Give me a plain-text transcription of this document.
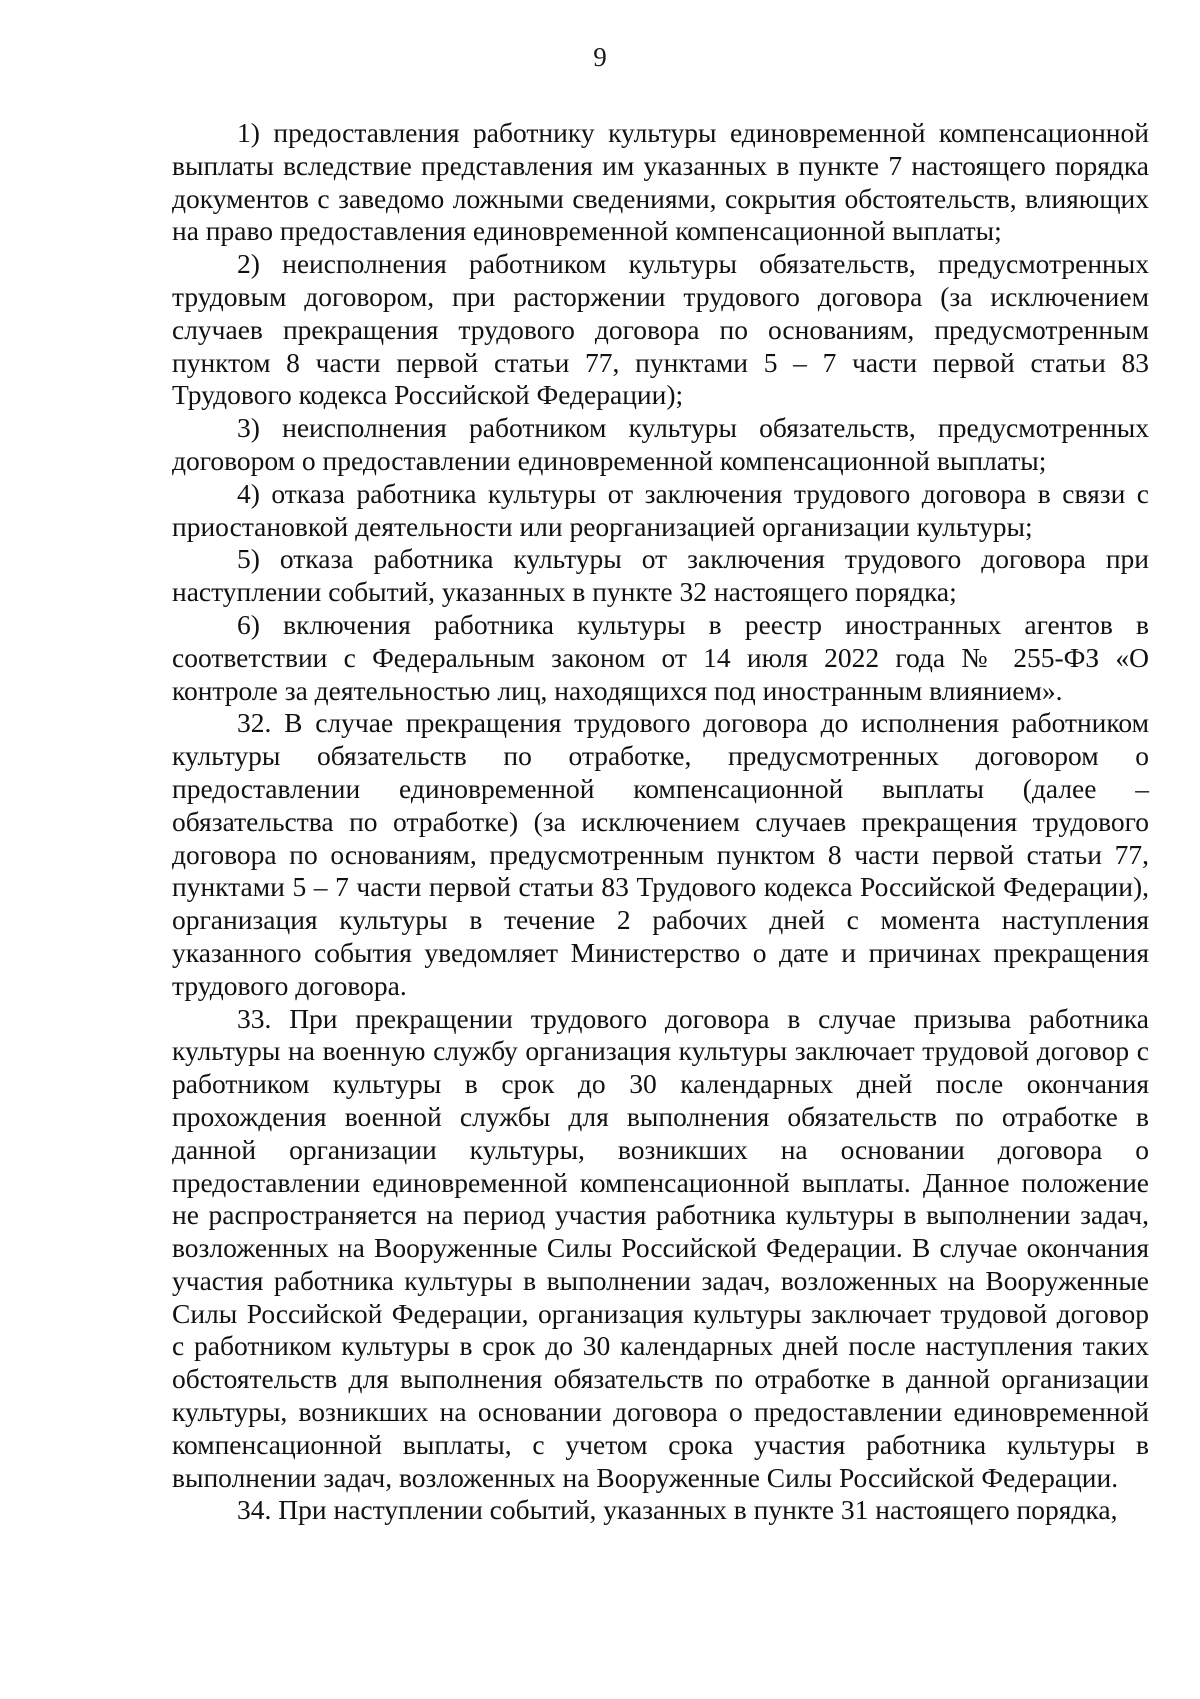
9

1) предоставления работнику культуры единовременной компенсационной выплаты вследствие представления им указанных в пункте 7 настоящего порядка документов с заведомо ложными сведениями, сокрытия обстоятельств, влияющих на право предоставления единовременной компенсационной выплаты;

2) неисполнения работником культуры обязательств, предусмотренных трудовым договором, при расторжении трудового договора (за исключением случаев прекращения трудового договора по основаниям, предусмотренным пунктом 8 части первой статьи 77, пунктами 5 – 7 части первой статьи 83 Трудового кодекса Российской Федерации);

3) неисполнения работником культуры обязательств, предусмотренных договором о предоставлении единовременной компенсационной выплаты;

4) отказа работника культуры от заключения трудового договора в связи с приостановкой деятельности или реорганизацией организации культуры;

5) отказа работника культуры от заключения трудового договора при наступлении событий, указанных в пункте 32 настоящего порядка;

6) включения работника культуры в реестр иностранных агентов в соответствии с Федеральным законом от 14 июля 2022 года № 255-ФЗ «О контроле за деятельностью лиц, находящихся под иностранным влиянием».

32. В случае прекращения трудового договора до исполнения работником культуры обязательств по отработке, предусмотренных договором о предоставлении единовременной компенсационной выплаты (далее – обязательства по отработке) (за исключением случаев прекращения трудового договора по основаниям, предусмотренным пунктом 8 части первой статьи 77, пунктами 5 – 7 части первой статьи 83 Трудового кодекса Российской Федерации), организация культуры в течение 2 рабочих дней с момента наступления указанного события уведомляет Министерство о дате и причинах прекращения трудового договора.

33. При прекращении трудового договора в случае призыва работника культуры на военную службу организация культуры заключает трудовой договор с работником культуры в срок до 30 календарных дней после окончания прохождения военной службы для выполнения обязательств по отработке в данной организации культуры, возникших на основании договора о предоставлении единовременной компенсационной выплаты. Данное положение не распространяется на период участия работника культуры в выполнении задач, возложенных на Вооруженные Силы Российской Федерации. В случае окончания участия работника культуры в выполнении задач, возложенных на Вооруженные Силы Российской Федерации, организация культуры заключает трудовой договор с работником культуры в срок до 30 календарных дней после наступления таких обстоятельств для выполнения обязательств по отработке в данной организации культуры, возникших на основании договора о предоставлении единовременной компенсационной выплаты, с учетом срока участия работника культуры в выполнении задач, возложенных на Вооруженные Силы Российской Федерации.

34. При наступлении событий, указанных в пункте 31 настоящего порядка,
